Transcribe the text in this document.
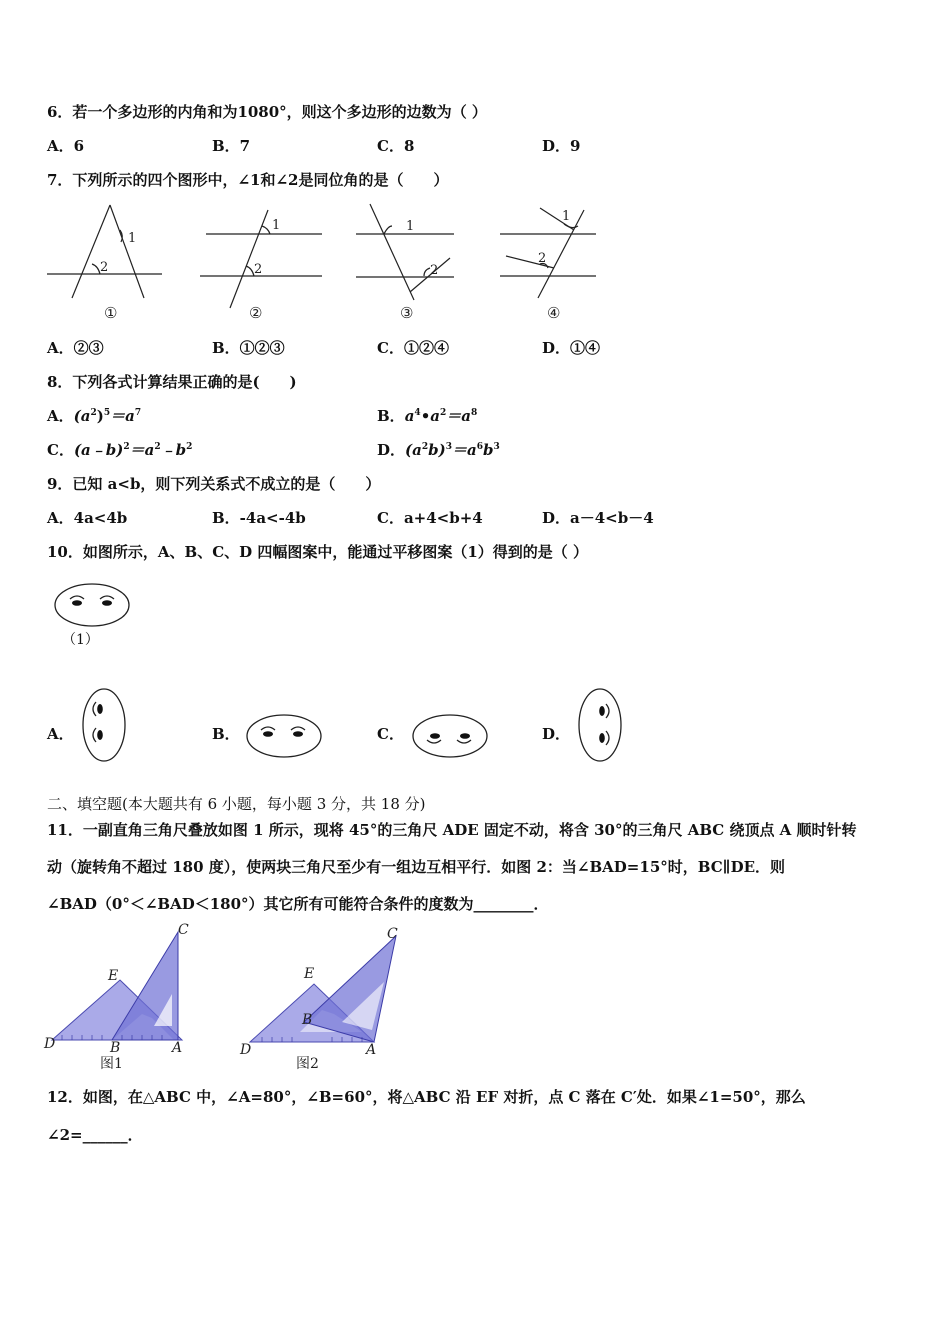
6．若一个多边形的内角和为1080°，则这个多边形的边数为（ ）
A．6	B．7	C．8	D．9
7．下列所示的四个图形中，∠1和∠2是同位角的是（　　）
1
2
①
1
2
②
1
2
③
1
2
④
A．②③	B．①②③	C．①②④	D．①④
8．下列各式计算结果正确的是(　　)
A．$(a^2)^5=a^7$	B．$a^4•a^2=a^8$
C．$(a﹣b)^2=a^2﹣b^2$	D．$(a^2b)^3=a^6b^3$
9．已知 a<b，则下列关系式不成立的是（　　）
A．4a<4b	B．-4a<-4b	C．a+4<b+4	D．a－4<b－4
10．如图所示，A、B、C、D 四幅图案中，能通过平移图案（1）得到的是（ ）
（1）
A．	B．	C．	D．
二、填空题(本大题共有 6 小题，每小题 3 分，共 18 分)
11．一副直角三角尺叠放如图 1 所示，现将 45°的三角尺 ADE 固定不动，将含 30°的三角尺 ABC 绕顶点 A 顺时针转
动（旋转角不超过 180 度），使两块三角尺至少有一组边互相平行．如图 2：当∠BAD=15°时，BC∥DE．则
∠BAD（0°＜∠BAD＜180°）其它所有可能符合条件的度数为________．
C
E
D	B	A
图1
C
E
D
B
A
图2
12．如图，在△ABC 中，∠A=80°，∠B=60°，将△ABC 沿 EF 对折，点 C 落在 C′处．如果∠1=50°，那么
∠2=______．
